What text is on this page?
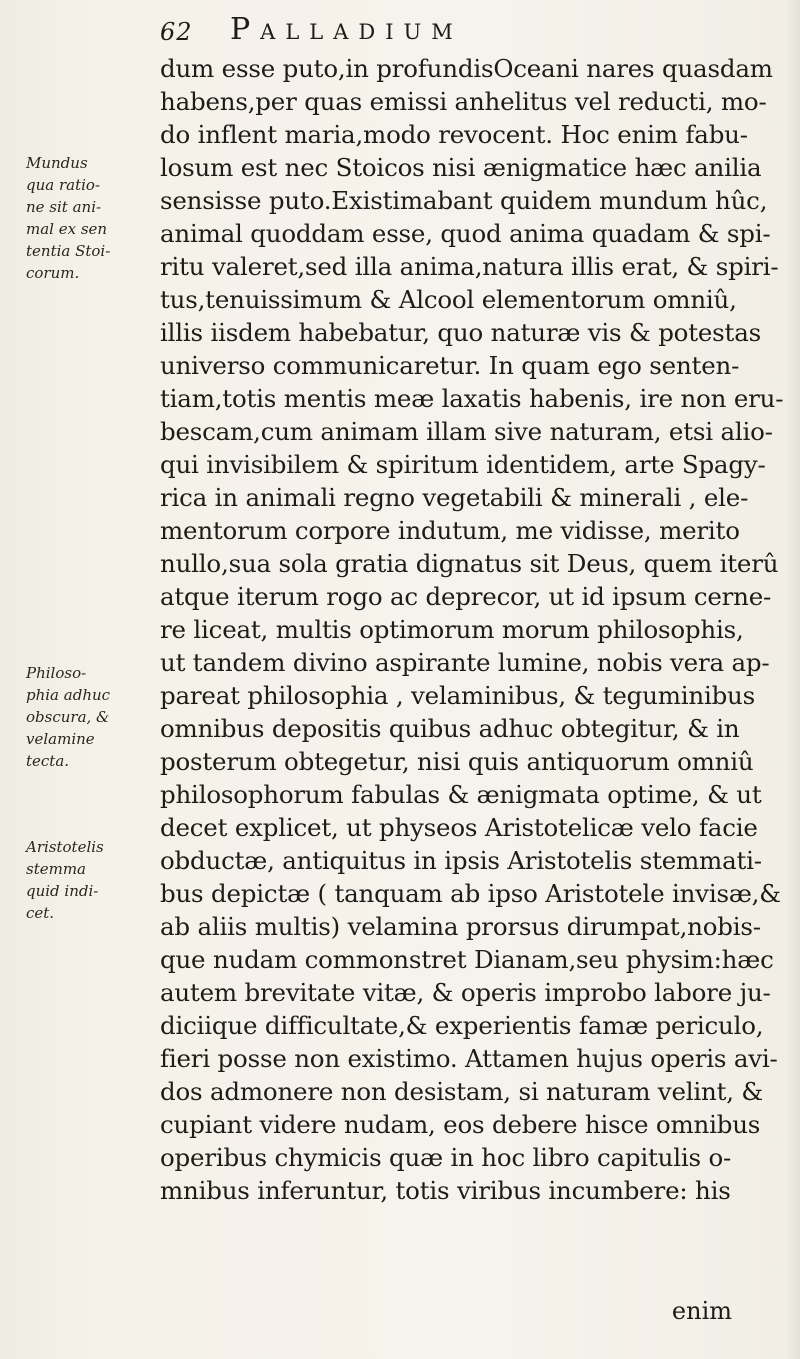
62 Palladium
Mundus
qua ratio-
ne sit ani-
mal ex sen
tentia Stoi-
corum.
Philoso-
phia adhuc
obscura, &
velamine
tecta.
Aristotelis
stemma
quid indi-
cet.
dum esse puto,in profundisOceani nares quasdam
habens,per quas emissi anhelitus vel reducti, mo-
do inflent maria,modo revocent. Hoc enim fabu-
losum est nec Stoicos nisi ænigmatice hæc anilia
sensisse puto.Existimabant quidem mundum hûc,
animal quoddam esse, quod anima quadam & spi-
ritu valeret,sed illa anima,natura illis erat, & spiri-
tus,tenuissimum & Alcool elementorum omniû,
illis iisdem habebatur, quo naturæ vis & potestas
universo communicaretur. In quam ego senten-
tiam,totis mentis meæ laxatis habenis, ire non eru-
bescam,cum animam illam sive naturam, etsi alio-
qui invisibilem & spiritum identidem, arte Spagy-
rica in animali regno vegetabili & minerali , ele-
mentorum corpore indutum, me vidisse, merito
nullo,sua sola gratia dignatus sit Deus, quem iterû
atque iterum rogo ac deprecor, ut id ipsum cerne-
re liceat, multis optimorum morum philosophis,
ut tandem divino aspirante lumine, nobis vera ap-
pareat philosophia , velaminibus, & teguminibus
omnibus depositis quibus adhuc obtegitur, & in
posterum obtegetur, nisi quis antiquorum omniû
philosophorum fabulas & ænigmata optime, & ut
decet explicet, ut physeos Aristotelicæ velo facie
obductæ, antiquitus in ipsis Aristotelis stemmati-
bus depictæ ( tanquam ab ipso Aristotele invisæ,&
ab aliis multis) velamina prorsus dirumpat,nobis-
que nudam commonstret Dianam,seu physim:hæc
autem brevitate vitæ, & operis improbo labore ju-
diciique difficultate,& experientis famæ periculo,
fieri posse non existimo. Attamen hujus operis avi-
dos admonere non desistam, si naturam velint, &
cupiant videre nudam, eos debere hisce omnibus
operibus chymicis quæ in hoc libro capitulis o-
mnibus inferuntur, totis viribus incumbere: his
enim
